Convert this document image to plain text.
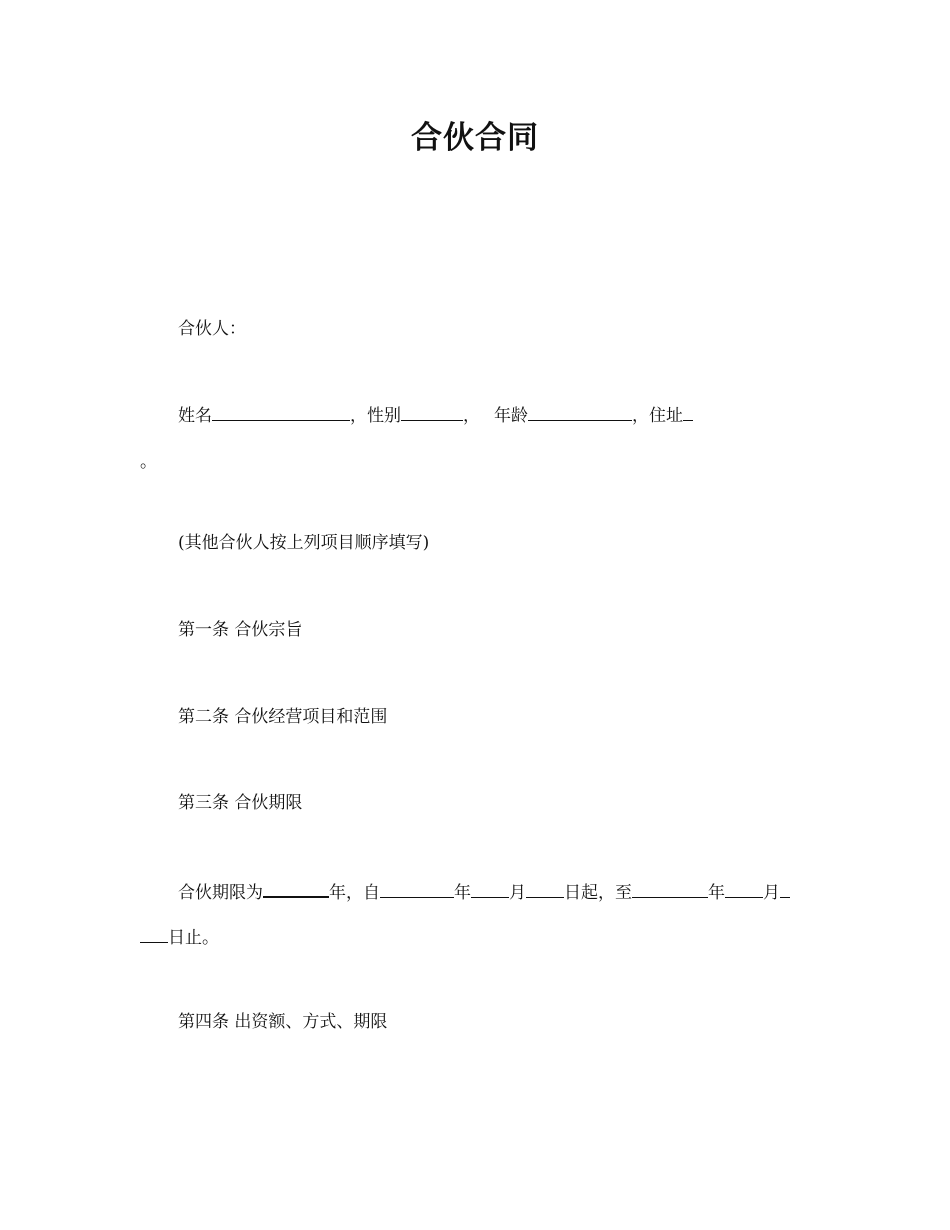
合伙合同
合伙人：
姓名	，性别	， 年龄	，住址
。
(其他合伙人按上列项目顺序填写)
第一条 合伙宗旨
第二条 合伙经营项目和范围
第三条 合伙期限
合伙期限为	年，自	年 月 日起，至	年 月
日止。
第四条 出资额、方式、期限
